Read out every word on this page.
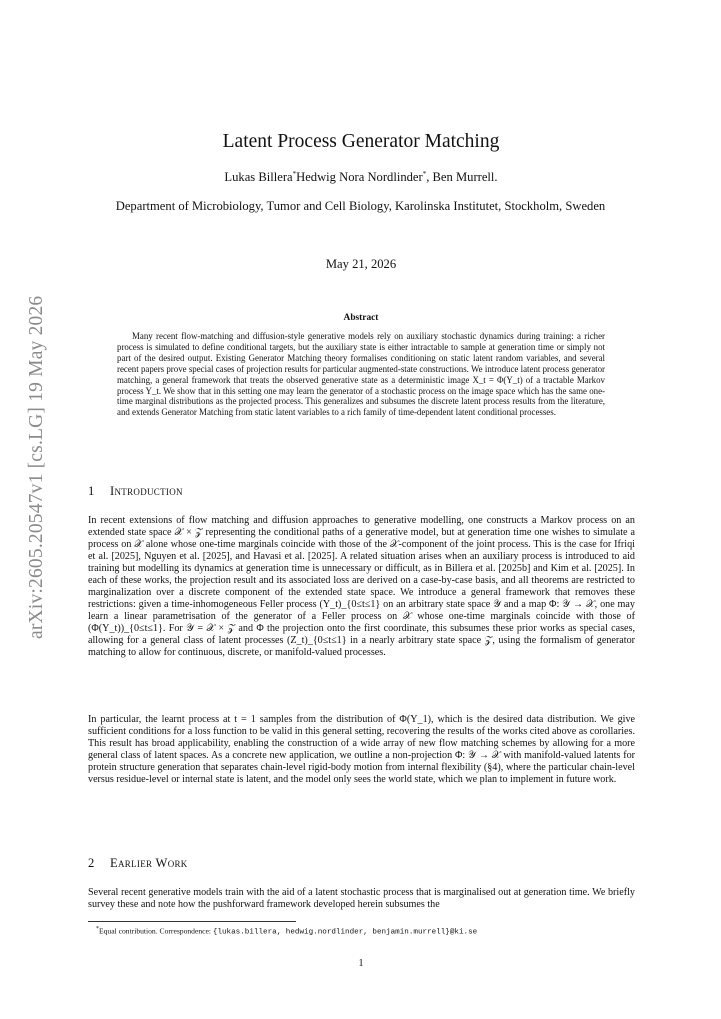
arXiv:2605.20547v1 [cs.LG] 19 May 2026
Latent Process Generator Matching
Lukas Billera*Hedwig Nora Nordlinder*, Ben Murrell.
Department of Microbiology, Tumor and Cell Biology, Karolinska Institutet, Stockholm, Sweden
May 21, 2026
Abstract

Many recent flow-matching and diffusion-style generative models rely on auxiliary stochastic dynamics during training: a richer process is simulated to define conditional targets, but the auxiliary state is either intractable to sample at generation time or simply not part of the desired output. Existing Generator Matching theory formalises conditioning on static latent random variables, and several recent papers prove special cases of projection results for particular augmented-state constructions. We introduce latent process generator matching, a general framework that treats the observed generative state as a deterministic image X_t = Φ(Y_t) of a tractable Markov process Y_t. We show that in this setting one may learn the generator of a stochastic process on the image space which has the same one-time marginal distributions as the projected process. This generalizes and subsumes the discrete latent process results from the literature, and extends Generator Matching from static latent variables to a rich family of time-dependent latent conditional processes.

1 Introduction

In recent extensions of flow matching and diffusion approaches to generative modelling, one constructs a Markov process on an extended state space 𝒳 × 𝒵 representing the conditional paths of a generative model, but at generation time one wishes to simulate a process on 𝒳 alone whose one-time marginals coincide with those of the 𝒳-component of the joint process. This is the case for Ifriqi et al. [2025], Nguyen et al. [2025], and Havasi et al. [2025]. A related situation arises when an auxiliary process is introduced to aid training but modelling its dynamics at generation time is unnecessary or difficult, as in Billera et al. [2025b] and Kim et al. [2025]. In each of these works, the projection result and its associated loss are derived on a case-by-case basis, and all theorems are restricted to marginalization over a discrete component of the extended state space. We introduce a general framework that removes these restrictions: given a time-inhomogeneous Feller process (Y_t)_{0≤t≤1} on an arbitrary state space 𝒴 and a map Φ: 𝒴 → 𝒳, one may learn a linear parametrisation of the generator of a Feller process on 𝒳 whose one-time marginals coincide with those of (Φ(Y_t))_{0≤t≤1}. For 𝒴 = 𝒳 × 𝒵 and Φ the projection onto the first coordinate, this subsumes these prior works as special cases, allowing for a general class of latent processes (Z_t)_{0≤t≤1} in a nearly arbitrary state space 𝒵, using the formalism of generator matching to allow for continuous, discrete, or manifold-valued processes.

In particular, the learnt process at t = 1 samples from the distribution of Φ(Y_1), which is the desired data distribution. We give sufficient conditions for a loss function to be valid in this general setting, recovering the results of the works cited above as corollaries. This result has broad applicability, enabling the construction of a wide array of new flow matching schemes by allowing for a more general class of latent spaces. As a concrete new application, we outline a non-projection Φ: 𝒴 → 𝒳 with manifold-valued latents for protein structure generation that separates chain-level rigid-body motion from internal flexibility (§4), where the particular chain-level versus residue-level or internal state is latent, and the model only sees the world state, which we plan to implement in future work.

2 Earlier Work

Several recent generative models train with the aid of a latent stochastic process that is marginalised out at generation time. We briefly survey these and note how the pushforward framework developed herein subsumes the

*Equal contribution. Correspondence: {lukas.billera, hedwig.nordlinder, benjamin.murrell}@ki.se
1
